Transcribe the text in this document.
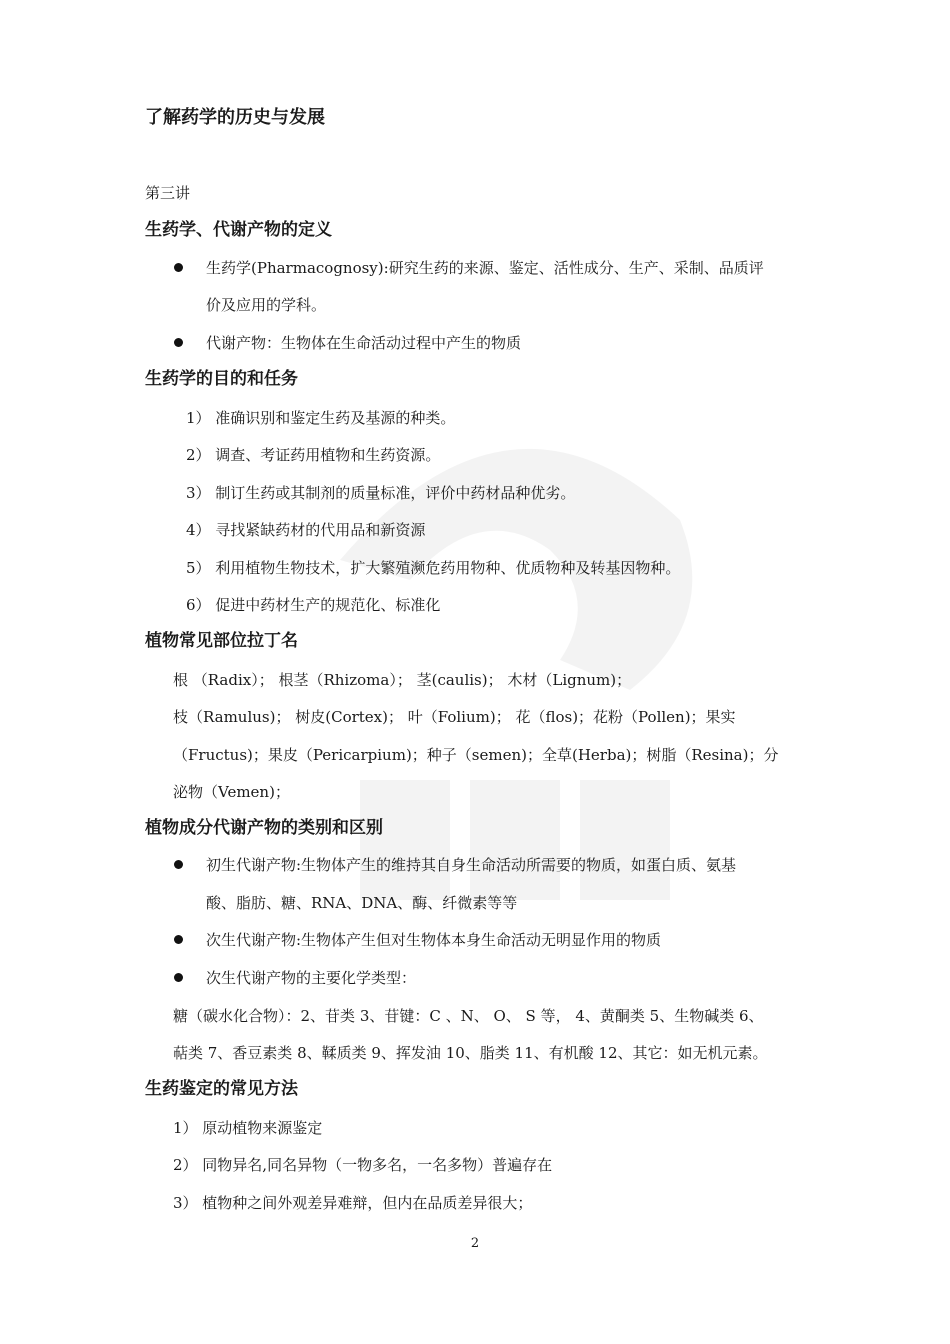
了解药学的历史与发展
第三讲
生药学、代谢产物的定义
生药学(Pharmacognosy):研究生药的来源、鉴定、活性成分、生产、采制、品质评
价及应用的学科。
代谢产物：生物体在生命活动过程中产生的物质
生药学的目的和任务
1） 准确识别和鉴定生药及基源的种类。
2） 调查、考证药用植物和生药资源。
3） 制订生药或其制剂的质量标准，评价中药材品种优劣。
4） 寻找紧缺药材的代用品和新资源
5） 利用植物生物技术，扩大繁殖濒危药用物种、优质物种及转基因物种。
6） 促进中药材生产的规范化、标准化
植物常见部位拉丁名
根 （Radix）； 根茎（Rhizoma）； 茎(caulis)； 木材（Lignum)；
枝（Ramulus)； 树皮(Cortex)； 叶（Folium)； 花（flos)；花粉（Pollen)；果实
（Fructus)；果皮（Pericarpium)；种子（semen)；全草(Herba)；树脂（Resina)；分
泌物（Vemen)；
植物成分代谢产物的类别和区别
初生代谢产物:生物体产生的维持其自身生命活动所需要的物质，如蛋白质、氨基
酸、脂肪、糖、RNA、DNA、酶、纤微素等等
次生代谢产物:生物体产生但对生物体本身生命活动无明显作用的物质
次生代谢产物的主要化学类型：
糖（碳水化合物）：2、苷类 3、苷键：C 、N、 O、 S 等， 4、黄酮类 5、生物碱类 6、
萜类 7、香豆素类 8、鞣质类 9、挥发油 10、脂类 11、有机酸 12、其它：如无机元素。
生药鉴定的常见方法
1） 原动植物来源鉴定
2） 同物异名,同名异物（一物多名，一名多物）普遍存在
3） 植物种之间外观差异难辩，但内在品质差异很大；
2
